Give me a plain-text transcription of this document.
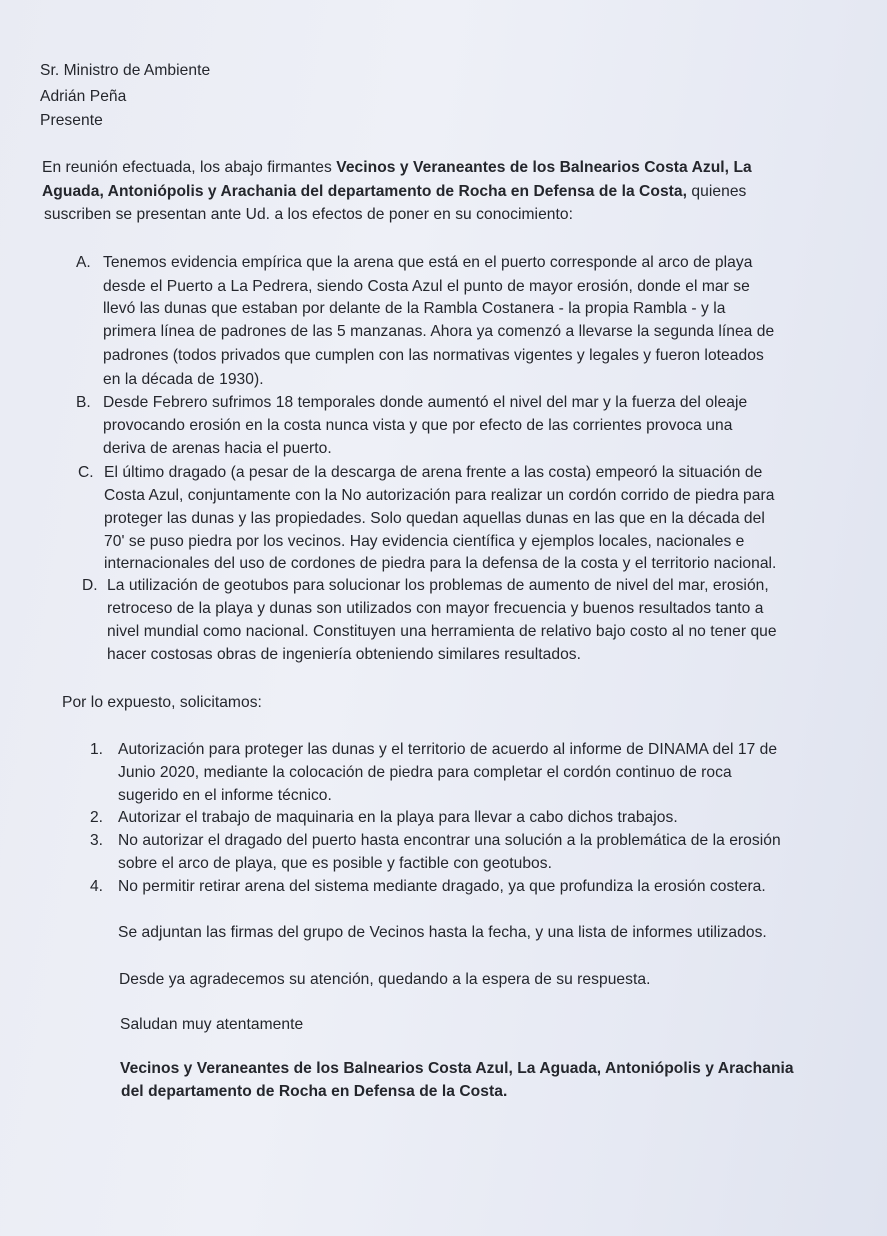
Sr. Ministro de Ambiente
Adrián Peña
Presente
En reunión efectuada, los abajo firmantes Vecinos y Veraneantes de los Balnearios Costa Azul, La
Aguada, Antoniópolis y Arachania del departamento de Rocha en Defensa de la Costa, quienes
suscriben se presentan ante Ud. a los efectos de poner en su conocimiento:
A. Tenemos evidencia empírica que la arena que está en el puerto corresponde al arco de playa
desde el Puerto a La Pedrera, siendo Costa Azul el punto de mayor erosión, donde el mar se
llevó las dunas que estaban por delante de la Rambla Costanera - la propia Rambla - y la
primera línea de padrones de las 5 manzanas. Ahora ya comenzó a llevarse la segunda línea de
padrones (todos privados que cumplen con las normativas vigentes y legales y fueron loteados
en la década de 1930).
B. Desde Febrero sufrimos 18 temporales donde aumentó el nivel del mar y la fuerza del oleaje
provocando erosión en la costa nunca vista y que por efecto de las corrientes provoca una
deriva de arenas hacia el puerto.
C. El último dragado (a pesar de la descarga de arena frente a las costa) empeoró la situación de
Costa Azul, conjuntamente con la No autorización para realizar un cordón corrido de piedra para
proteger las dunas y las propiedades. Solo quedan aquellas dunas en las que en la década del
70' se puso piedra por los vecinos. Hay evidencia científica y ejemplos locales, nacionales e
internacionales del uso de cordones de piedra para la defensa de la costa y el territorio nacional.
D. La utilización de geotubos para solucionar los problemas de aumento de nivel del mar, erosión,
retroceso de la playa y dunas son utilizados con mayor frecuencia y buenos resultados tanto a
nivel mundial como nacional. Constituyen una herramienta de relativo bajo costo al no tener que
hacer costosas obras de ingeniería obteniendo similares resultados.
Por lo expuesto, solicitamos:
1. Autorización para proteger las dunas y el territorio de acuerdo al informe de DINAMA del 17 de
Junio 2020, mediante la colocación de piedra para completar el cordón continuo de roca
sugerido en el informe técnico.
2. Autorizar el trabajo de maquinaria en la playa para llevar a cabo dichos trabajos.
3. No autorizar el dragado del puerto hasta encontrar una solución a la problemática de la erosión
sobre el arco de playa, que es posible y factible con geotubos.
4. No permitir retirar arena del sistema mediante dragado, ya que profundiza la erosión costera.
Se adjuntan las firmas del grupo de Vecinos hasta la fecha, y una lista de informes utilizados.
Desde ya agradecemos su atención, quedando a la espera de su respuesta.
Saludan muy atentamente
Vecinos y Veraneantes de los Balnearios Costa Azul, La Aguada, Antoniópolis y Arachania
del departamento de Rocha en Defensa de la Costa.
